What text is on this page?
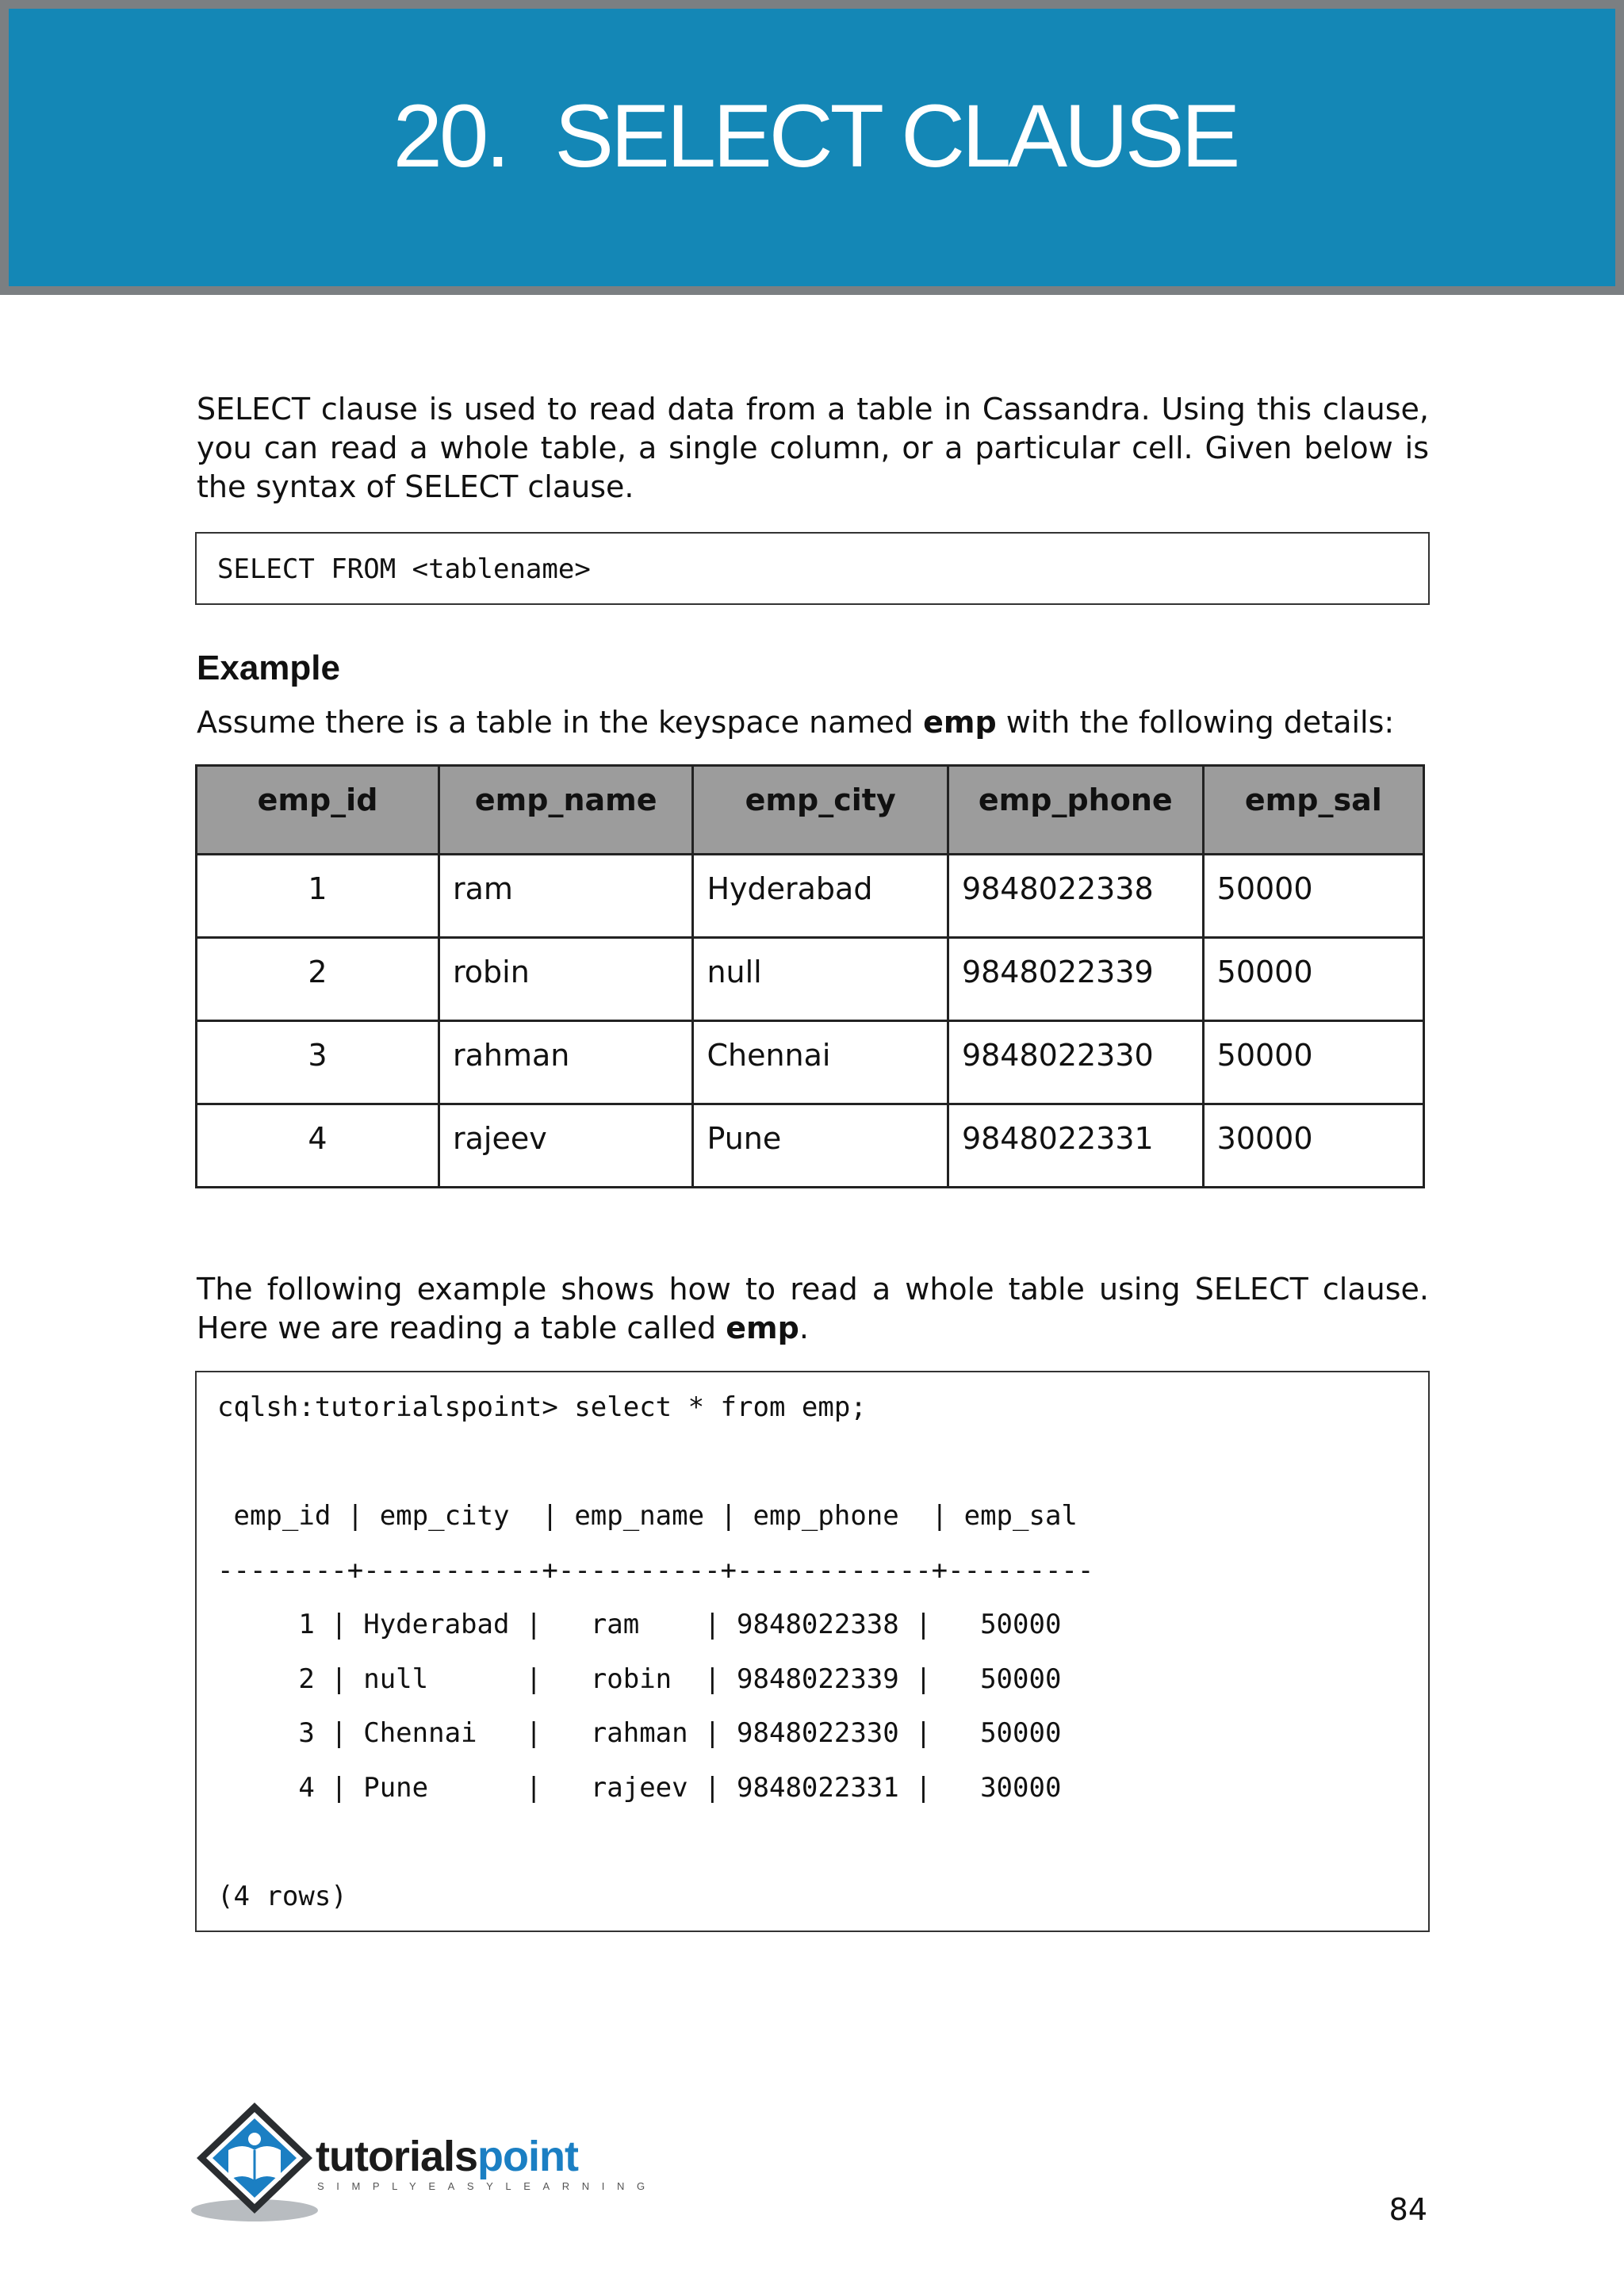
20. SELECT CLAUSE

SELECT clause is used to read data from a table in Cassandra. Using this clause, you can read a whole table, a single column, or a particular cell. Given below is the syntax of SELECT clause.

SELECT FROM <tablename>
Example

Assume there is a table in the keyspace named emp with the following details:

emp_id	emp_name	emp_city	emp_phone	emp_sal
1	ram	Hyderabad	9848022338	50000
2	robin	null	9848022339	50000
3	rahman	Chennai	9848022330	50000
4	rajeev	Pune	9848022331	30000

The following example shows how to read a whole table using SELECT clause. Here we are reading a table called emp.

cqlsh:tutorialspoint> select * from emp;

emp_id | emp_city  | emp_name | emp_phone  | emp_sal
--------+-----------+----------+------------+---------
1 | Hyderabad |   ram    | 9848022338 |   50000
2 | null      |   robin  | 9848022339 |   50000
3 | Chennai   |   rahman | 9848022330 |   50000
4 | Pune      |   rajeev | 9848022331 |   30000

(4 rows)
tutorialspoint
SIMPLYEASYLEARNING
84
